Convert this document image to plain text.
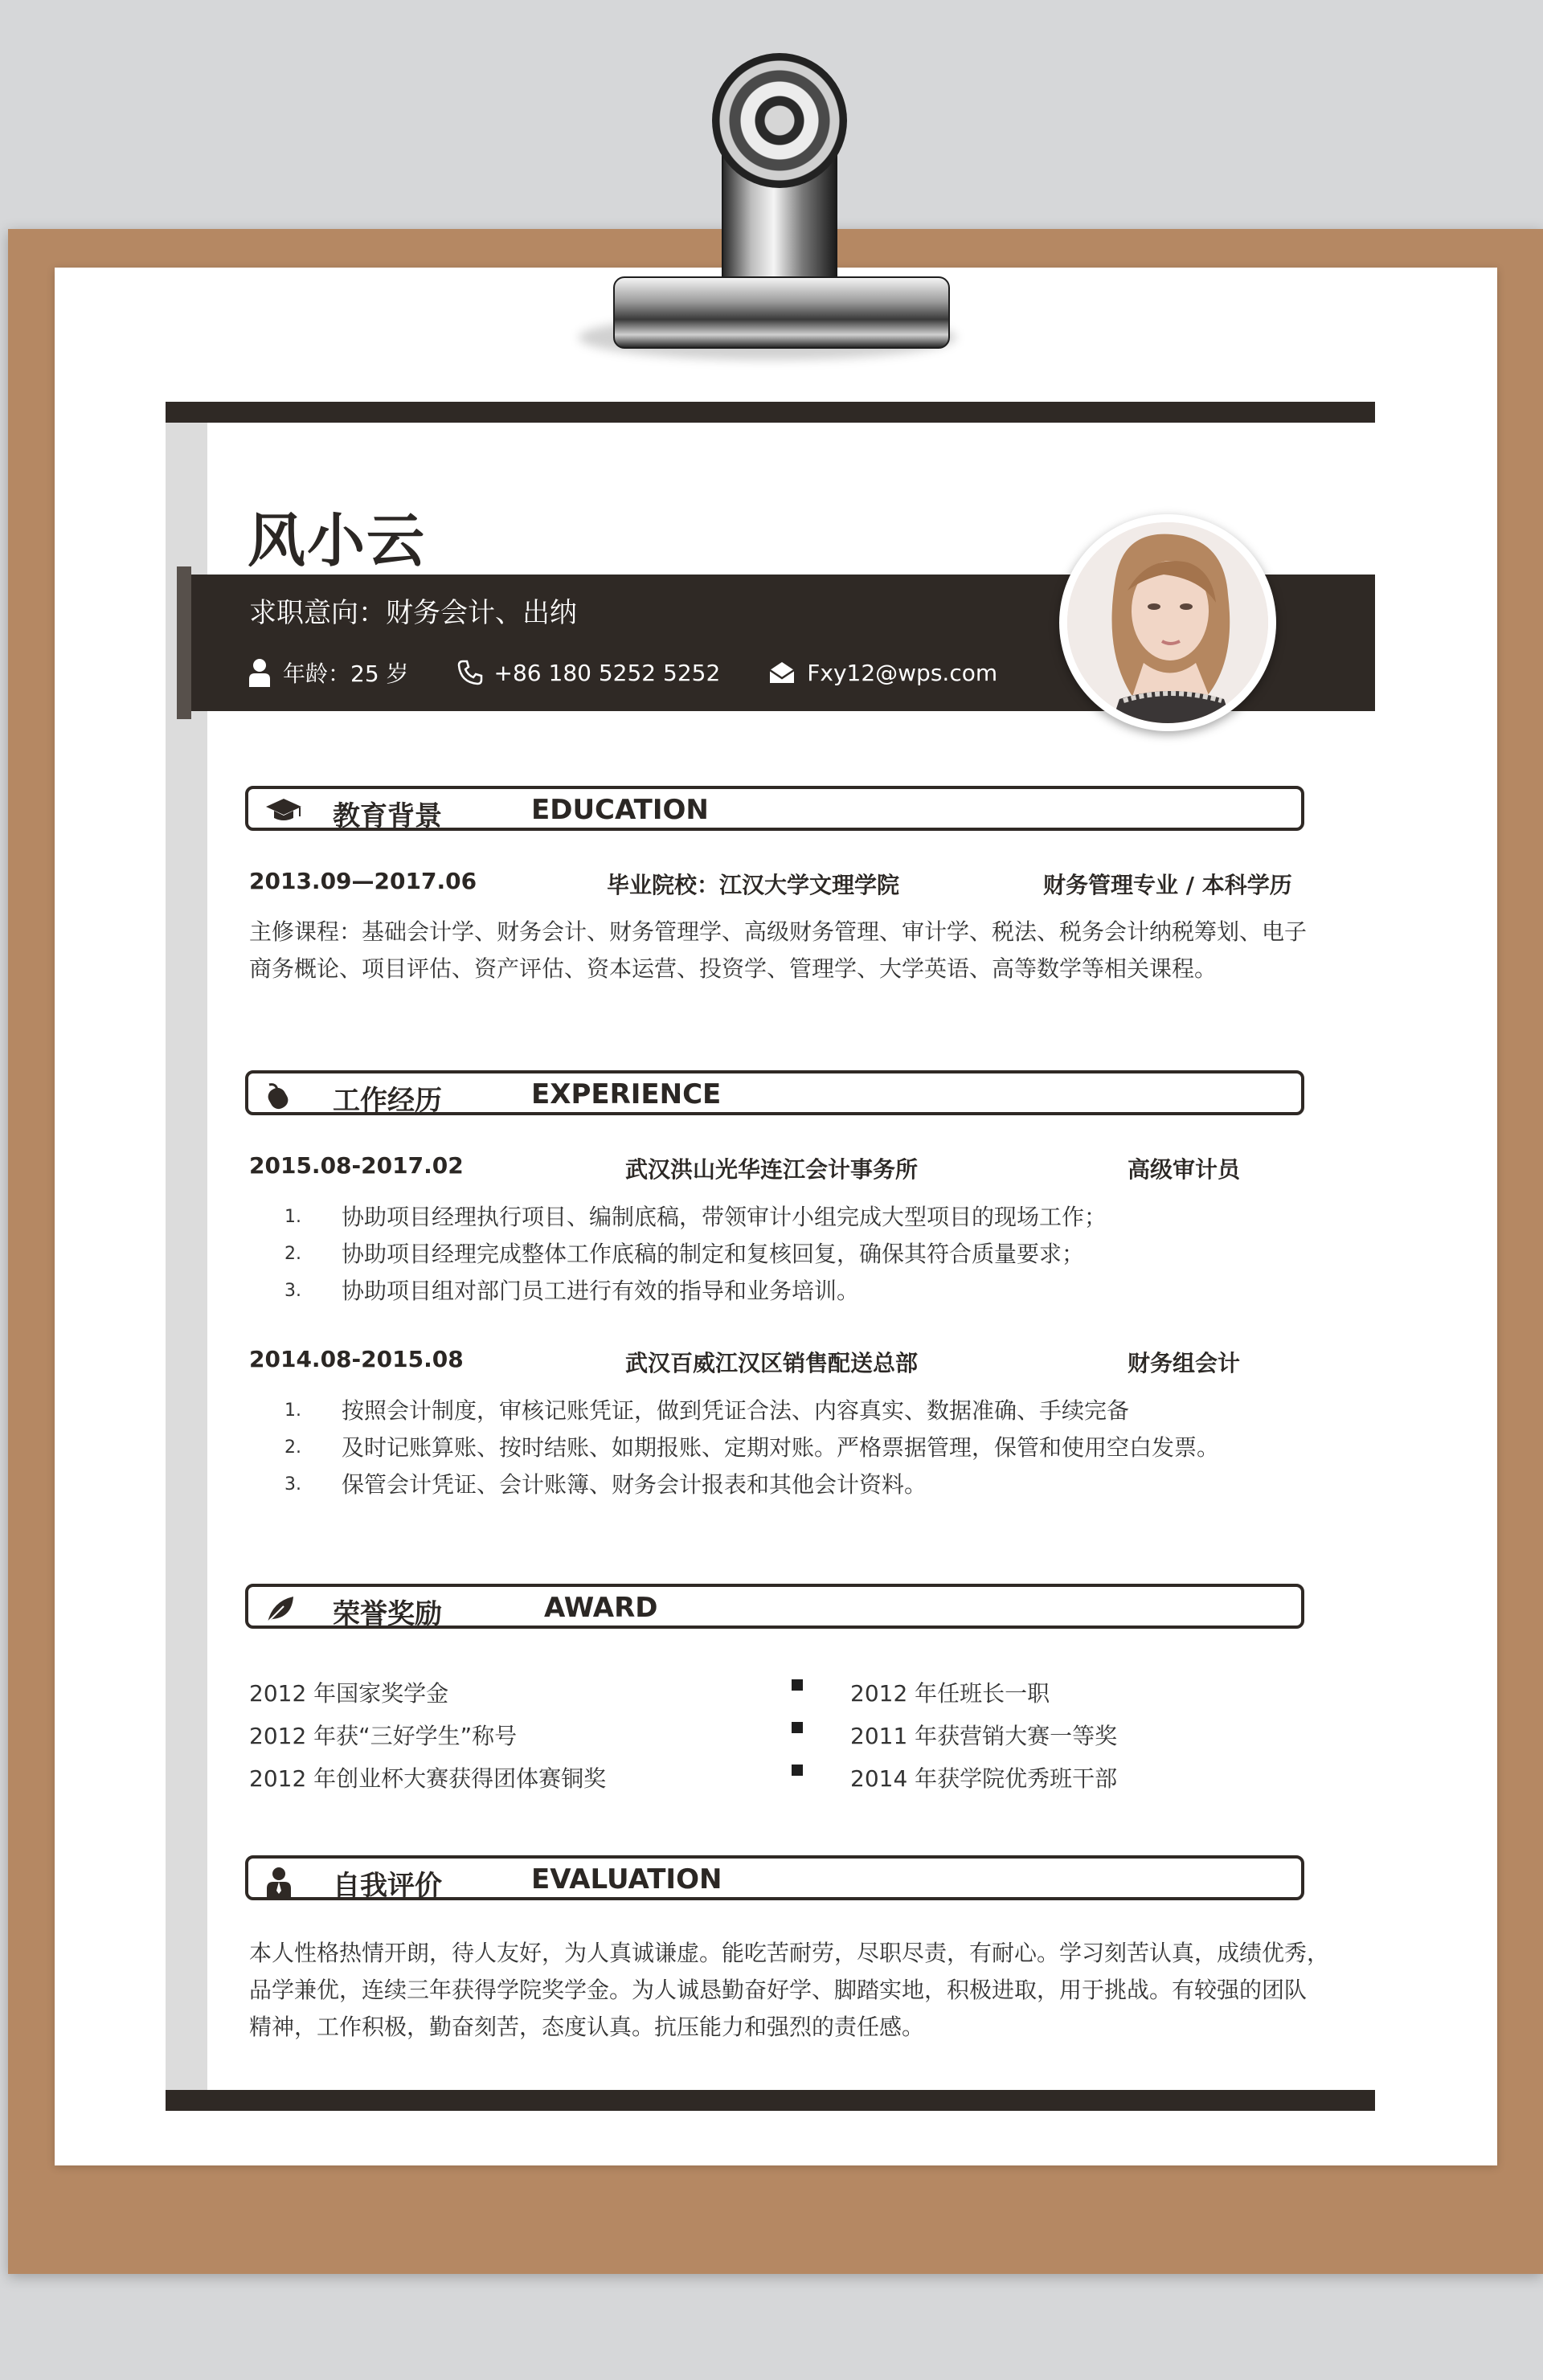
风小云
求职意向：财务会计、出纳
年龄：25 岁	+86 180 5252 5252	Fxy12@wps.com
教育背景	EDUCATION
2013.09—2017.06	毕业院校：江汉大学文理学院	财务管理专业 / 本科学历
主修课程：基础会计学、财务会计、财务管理学、高级财务管理、审计学、税法、税务会计纳税筹划、电子
商务概论、项目评估、资产评估、资本运营、投资学、管理学、大学英语、高等数学等相关课程。
工作经历	EXPERIENCE
2015.08-2017.02	武汉洪山光华连江会计事务所	高级审计员
1. 协助项目经理执行项目、编制底稿，带领审计小组完成大型项目的现场工作；
2. 协助项目经理完成整体工作底稿的制定和复核回复，确保其符合质量要求；
3. 协助项目组对部门员工进行有效的指导和业务培训。
2014.08-2015.08	武汉百威江汉区销售配送总部	财务组会计
1. 按照会计制度，审核记账凭证，做到凭证合法、内容真实、数据准确、手续完备
2. 及时记账算账、按时结账、如期报账、定期对账。严格票据管理，保管和使用空白发票。
3. 保管会计凭证、会计账簿、财务会计报表和其他会计资料。
荣誉奖励	AWARD
2012 年国家奖学金
2012 年获“三好学生”称号
2012 年创业杯大赛获得团体赛铜奖
2012 年任班长一职
2011 年获营销大赛一等奖
2014 年获学院优秀班干部
自我评价	EVALUATION
本人性格热情开朗，待人友好，为人真诚谦虚。能吃苦耐劳，尽职尽责，有耐心。学习刻苦认真，成绩优秀，
品学兼优，连续三年获得学院奖学金。为人诚恳勤奋好学、脚踏实地，积极进取，用于挑战。有较强的团队
精神，工作积极，勤奋刻苦，态度认真。抗压能力和强烈的责任感。
